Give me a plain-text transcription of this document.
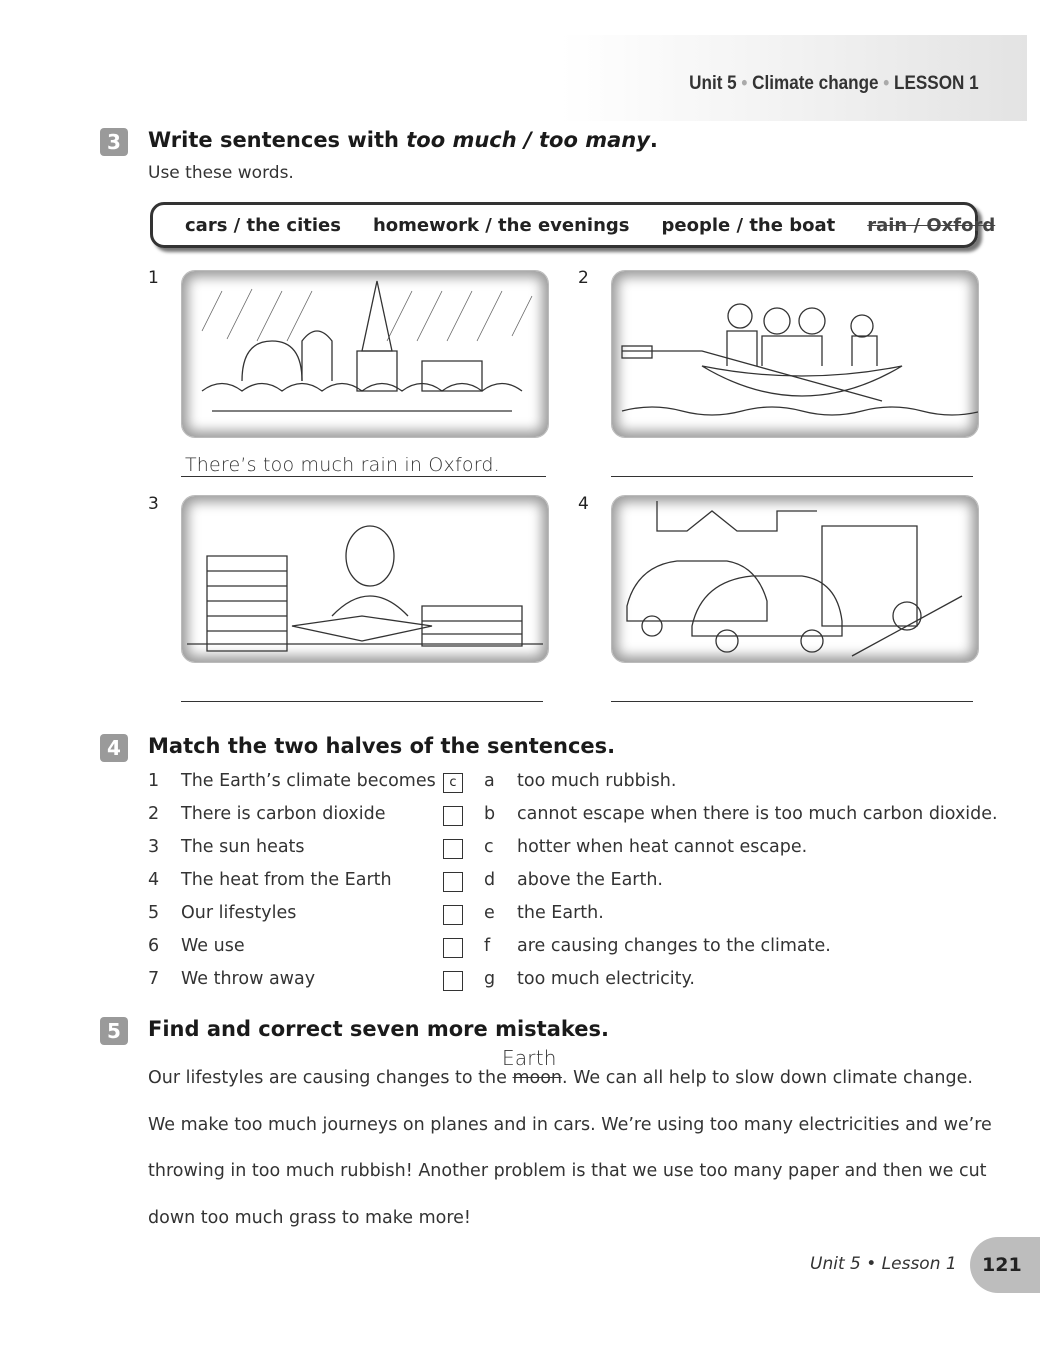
Unit 5 • Climate change • LESSON 1
3	Write sentences with too much / too many.
Use these words.
cars / the cities homework / the evenings people / the boat rain / Oxford
1	2
3	4
There’s too much rain in Oxford.
4	Match the two halves of the sentences.
1 The Earth’s climate becomes	c	a too much rubbish.
2 There is carbon dioxide	b cannot escape when there is too much carbon dioxide.
3 The sun heats	c hotter when heat cannot escape.
4 The heat from the Earth	d above the Earth.
5 Our lifestyles	e the Earth.
6 We use	f are causing changes to the climate.
7 We throw away	g too much electricity.
5	Find and correct seven more mistakes.
Earth
Our lifestyles are causing changes to the moon. We can all help to slow down climate change.
We make too much journeys on planes and in cars. We’re using too many electricities and we’re
throwing in too much rubbish! Another problem is that we use too many paper and then we cut
down too much grass to make more!
Unit 5 • Lesson 1	121
